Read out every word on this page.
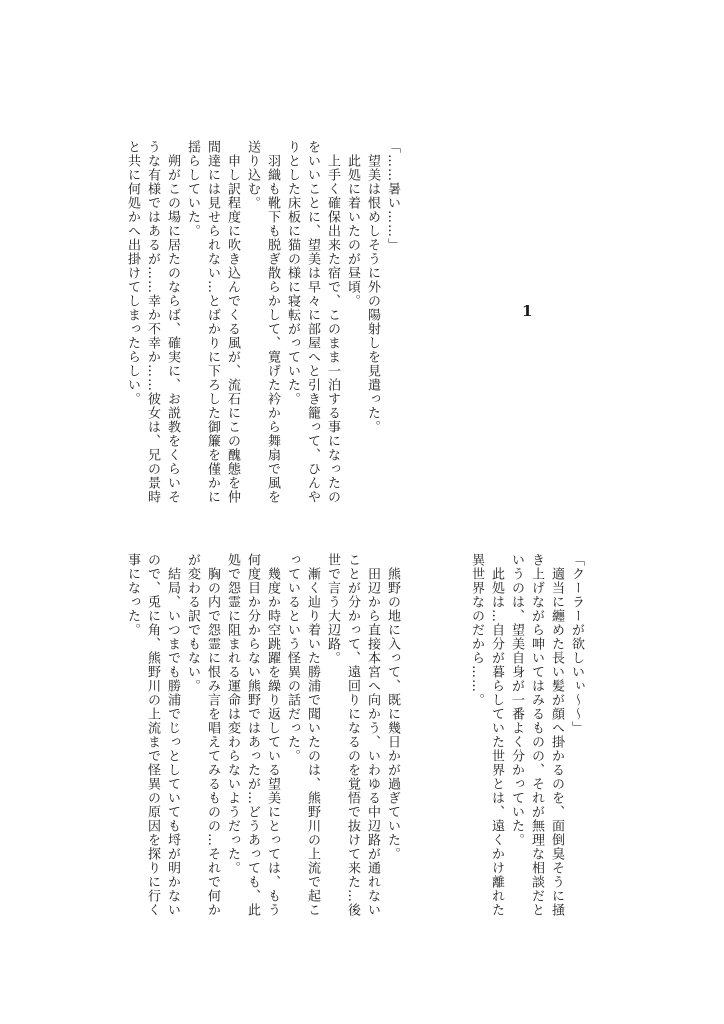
「……暑い……」
　望美は恨めしそうに外の陽射しを見遣った。
　此処に着いたのが昼頃。
　上手く確保出来た宿で、このまま一泊する事になったの
をいいことに、望美は早々に部屋へと引き籠って、ひんや
りとした床板に猫の様に寝転がっていた。
　羽織も靴下も脱ぎ散らかして、寛げた衿から舞扇で風を
送り込む。
　申し訳程度に吹き込んでくる風が、流石にこの醜態を仲
間達には見せられない…とばかりに下ろした御簾を僅かに
揺らしていた。
　朔がこの場に居たのならば、確実に、お説教をくらいそ
うな有様ではあるが……幸か不幸か……彼女は、兄の景時
と共に何処かへ出掛けてしまったらしい。	1
「クーラーが欲しいぃ～～」
　適当に纏めた長い髪が顔へ掛かるのを、面倒臭そうに掻
き上げながら呻いてはみるものの、それが無理な相談だと
いうのは、望美自身が一番よく分かっていた。
　此処は…自分が暮らしていた世界とは、遠くかけ離れた
異世界なのだから……。
　熊野の地に入って、既に幾日かが過ぎていた。
　田辺から直接本宮へ向かう、いわゆる中辺路が通れない
ことが分かって、遠回りになるのを覚悟で抜けて来た…後
世で言う大辺路。
　漸く辿り着いた勝浦で聞いたのは、熊野川の上流で起こ
っているという怪異の話だった。
　幾度か時空跳躍を繰り返している望美にとっては、もう
何度目か分からない熊野ではあったが…どうあっても、此
処で怨霊に阻まれる運命は変わらないようだった。
　胸の内で怨霊に恨み言を唱えてみるものの…それで何か
が変わる訳でもない。
　結局、いつまでも勝浦でじっとしていても埒が明かない
ので、兎に角、熊野川の上流まで怪異の原因を探りに行く
事になった。
